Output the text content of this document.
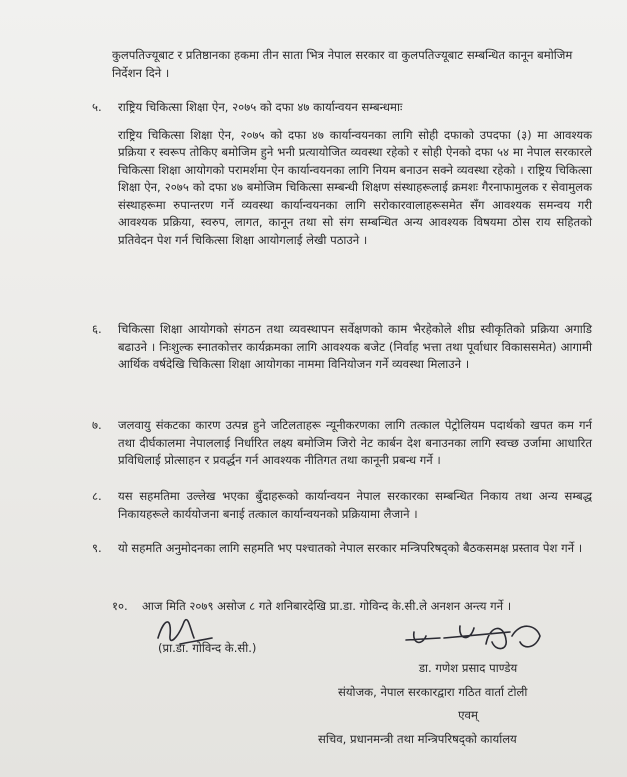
कुलपतिज्यूबाट र प्रतिष्ठानका हकमा तीन साता भित्र नेपाल सरकार वा कुलपतिज्यूबाट सम्बन्धित कानून बमोजिम निर्देशन दिने ।

५.	राष्ट्रिय चिकित्सा शिक्षा ऐन, २०७५ को दफा ४७ कार्यान्वयन सम्बन्धमाः

राष्ट्रिय चिकित्सा शिक्षा ऐन, २०७५ को दफा ४७ कार्यान्वयनका लागि सोही दफाको उपदफा (३) मा आवश्यक प्रक्रिया र स्वरूप तोकिए बमोजिम हुने भनी प्रत्यायोजित व्यवस्था रहेको र सोही ऐनको दफा ५४ मा नेपाल सरकारले चिकित्सा शिक्षा आयोगको परामर्शमा ऐन कार्यान्वयनका लागि नियम बनाउन सक्ने व्यवस्था रहेको । राष्ट्रिय चिकित्सा शिक्षा ऐन, २०७५ को दफा ४७ बमोजिम चिकित्सा सम्बन्धी शिक्षण संस्थाहरूलाई क्रमशः गैरनाफामुलक र सेवामुलक संस्थाहरूमा रुपान्तरण गर्ने व्यवस्था कार्यान्वयनका लागि सरोकारवालाहरूसमेत सँग आवश्यक समन्वय गरी आवश्यक प्रक्रिया, स्वरुप, लागत, कानून तथा सो संग सम्बन्धित अन्य आवश्यक विषयमा ठोस राय सहितको प्रतिवेदन पेश गर्न चिकित्सा शिक्षा आयोगलाई लेखी पठाउने ।

६.	चिकित्सा शिक्षा आयोगको संगठन तथा व्यवस्थापन सर्वेक्षणको काम भैरहेकोले शीघ्र स्वीकृतिको प्रक्रिया अगाडि बढाउने । निःशुल्क स्नातकोत्तर कार्यक्रमका लागि आवश्यक बजेट (निर्वाह भत्ता तथा पूर्वाधार विकाससमेत) आगामी आर्थिक वर्षदेखि चिकित्सा शिक्षा आयोगका नाममा विनियोजन गर्ने व्यवस्था मिलाउने ।

७.	जलवायु संकटका कारण उत्पन्न हुने जटिलताहरू न्यूनीकरणका लागि तत्काल पेट्रोलियम पदार्थको खपत कम गर्न तथा दीर्घकालमा नेपाललाई निर्धारित लक्ष्य बमोजिम जिरो नेट कार्बन देश बनाउनका लागि स्वच्छ उर्जामा आधारित प्रविधिलाई प्रोत्साहन र प्रवर्द्धन गर्न आवश्यक नीतिगत तथा कानूनी प्रबन्ध गर्ने ।

८.	यस सहमतिमा उल्लेख भएका बुँदाहरूको कार्यान्वयन नेपाल सरकारका सम्बन्धित निकाय तथा अन्य सम्बद्ध निकायहरूले कार्ययोजना बनाई तत्काल कार्यान्वयनको प्रक्रियामा लैजाने ।

९.	यो सहमति अनुमोदनका लागि सहमति भए पश्चातको नेपाल सरकार मन्त्रिपरिषद्को बैठकसमक्ष प्रस्ताव पेश गर्ने ।

१०.	आज मिति २०७९ असोज ८ गते शनिबारदेखि प्रा.डा. गोविन्द के.सी.ले अनशन अन्त्य गर्ने ।

(प्रा.डा. गोविन्द के.सी.)
डा. गणेश प्रसाद पाण्डेय
संयोजक, नेपाल सरकारद्वारा गठित वार्ता टोली
एवम्
सचिव, प्रधानमन्त्री तथा मन्त्रिपरिषद्को कार्यालय
